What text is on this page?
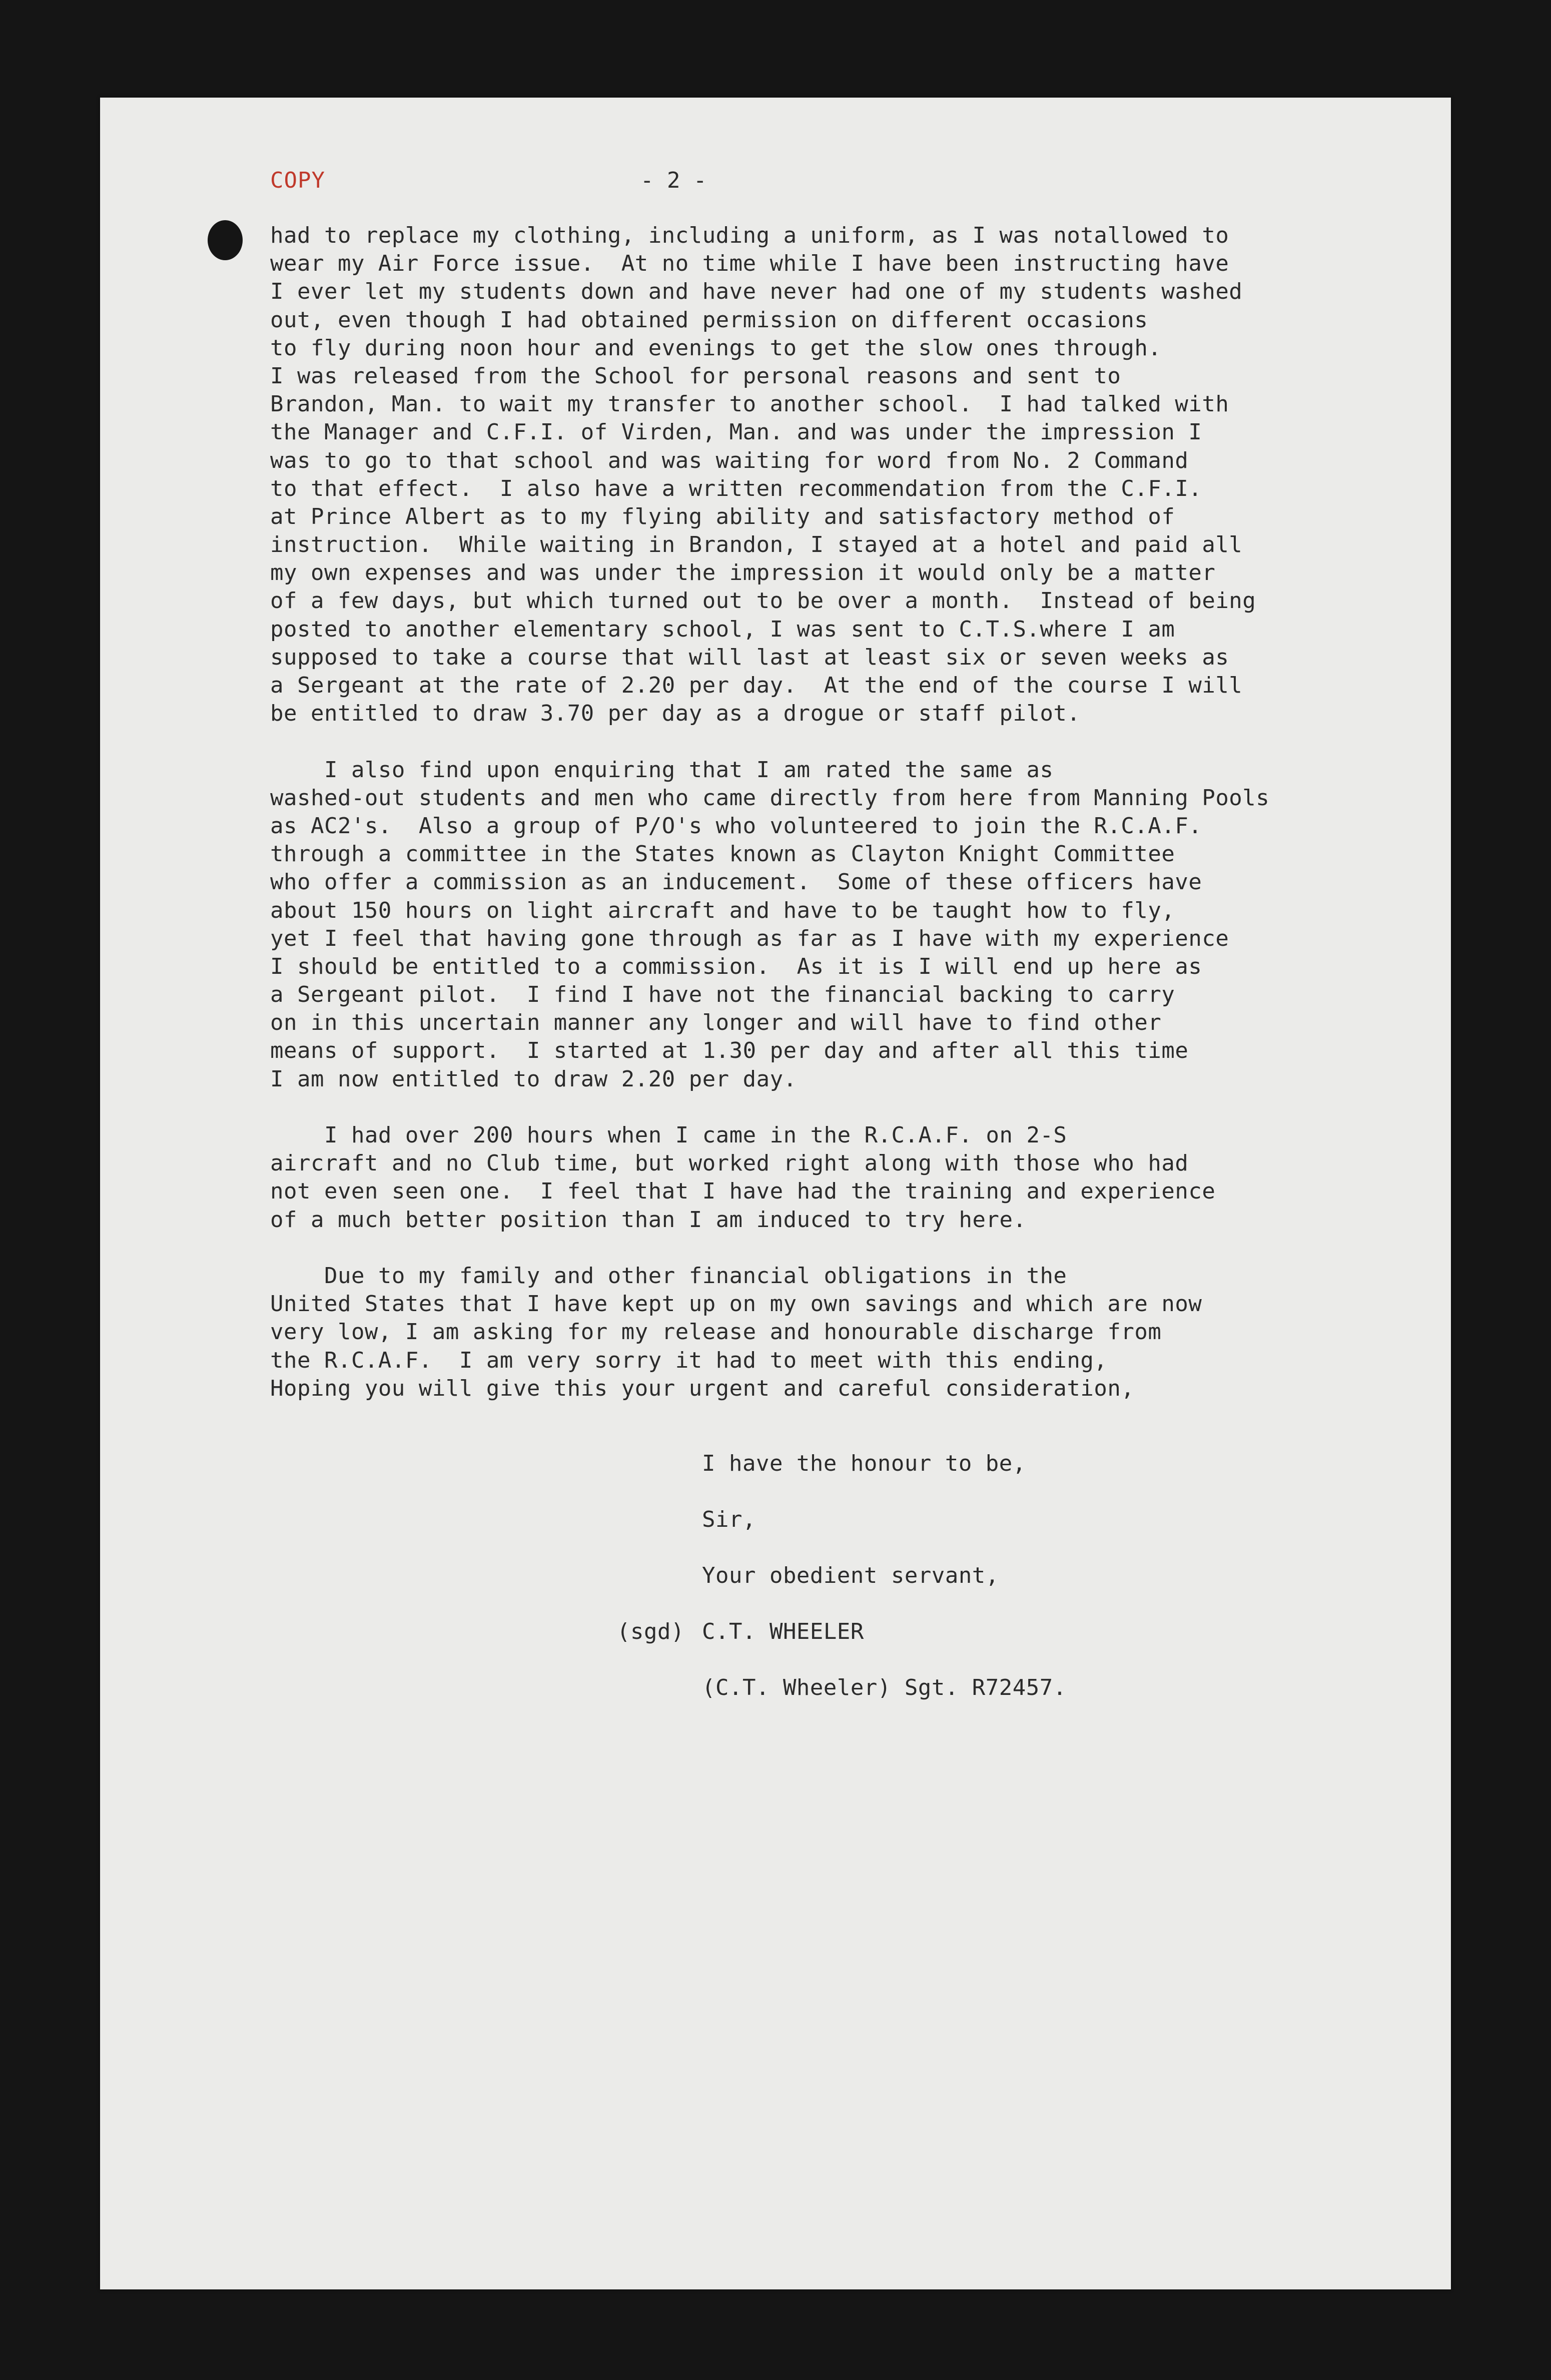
COPY	- 2 -
had to replace my clothing, including a uniform, as I was notallowed to
wear my Air Force issue.  At no time while I have been instructing have
I ever let my students down and have never had one of my students washed
out, even though I had obtained permission on different occasions
to fly during noon hour and evenings to get the slow ones through.
I was released from the School for personal reasons and sent to
Brandon, Man. to wait my transfer to another school.  I had talked with
the Manager and C.F.I. of Virden, Man. and was under the impression I
was to go to that school and was waiting for word from No. 2 Command
to that effect.  I also have a written recommendation from the C.F.I.
at Prince Albert as to my flying ability and satisfactory method of
instruction.  While waiting in Brandon, I stayed at a hotel and paid all
my own expenses and was under the impression it would only be a matter
of a few days, but which turned out to be over a month.  Instead of being
posted to another elementary school, I was sent to C.T.S.where I am
supposed to take a course that will last at least six or seven weeks as
a Sergeant at the rate of 2.20 per day.  At the end of the course I will
be entitled to draw 3.70 per day as a drogue or staff pilot.
I also find upon enquiring that I am rated the same as
washed-out students and men who came directly from here from Manning Pools
as AC2's.  Also a group of P/O's who volunteered to join the R.C.A.F.
through a committee in the States known as Clayton Knight Committee
who offer a commission as an inducement.  Some of these officers have
about 150 hours on light aircraft and have to be taught how to fly,
yet I feel that having gone through as far as I have with my experience
I should be entitled to a commission.  As it is I will end up here as
a Sergeant pilot.  I find I have not the financial backing to carry
on in this uncertain manner any longer and will have to find other
means of support.  I started at 1.30 per day and after all this time
I am now entitled to draw 2.20 per day.
I had over 200 hours when I came in the R.C.A.F. on 2-S
aircraft and no Club time, but worked right along with those who had
not even seen one.  I feel that I have had the training and experience
of a much better position than I am induced to try here.
Due to my family and other financial obligations in the
United States that I have kept up on my own savings and which are now
very low, I am asking for my release and honourable discharge from
the R.C.A.F.  I am very sorry it had to meet with this ending,
Hoping you will give this your urgent and careful consideration,
I have the honour to be,
Sir,
Your obedient servant,
(sgd) C.T. WHEELER
(C.T. Wheeler) Sgt. R72457.
